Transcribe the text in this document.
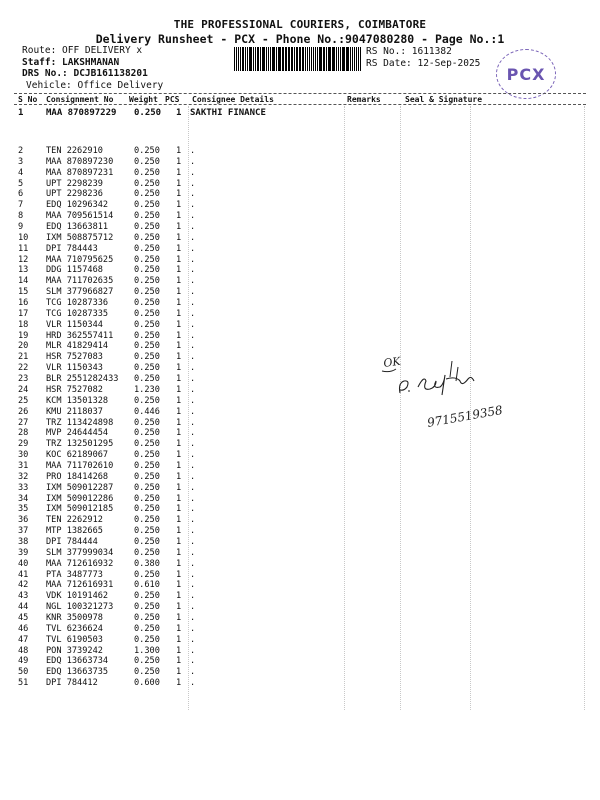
THE PROFESSIONAL COURIERS, COIMBATORE
Delivery Runsheet - PCX - Phone No.:9047080280 - Page No.:1
Route: OFF DELIVERY x
Staff: LAKSHMANAN
DRS No.: DCJB161138201
Vehicle: Office Delivery
RS No.: 1611382
RS Date: 12-Sep-2025
PCX
S No Consignment No Weight PCS Consignee Details	Remarks	Seal & Signature
1	MAA 870897229 0.250 1 SAKTHI FINANCE
2	TEN 2262910	0.250 1 .
3	MAA 870897230 0.250 1 .
4	MAA 870897231 0.250 1 .
5	UPT 2298239	0.250 1 .
6	UPT 2298236	0.250 1 .
7	EDQ 10296342	0.250 1 .
8	MAA 709561514 0.250 1 .
9	EDQ 13663811	0.250 1 .
10 IXM 508875712 0.250 1 .
11 DPI 784443	0.250 1 .
12 MAA 710795625 0.250 1 .
13 DDG 1157468	0.250 1 .
14 MAA 711702635 0.250 1 .
15 SLM 377966827 0.250 1 .
16 TCG 10287336	0.250 1 .
17 TCG 10287335	0.250 1 .
18 VLR 1150344	0.250 1 .
19 HRD 362557411 0.250 1 .
20 MLR 41829414	0.250 1 .
21 HSR 7527083	0.250 1 .
22 VLR 1150343	0.250 1 .
23 BLR 2551282433 0.250 1 .
24 HSR 7527082	1.230 1 .
25 KCM 13501328	0.250 1 .
26 KMU 2118037	0.446 1 .
27 TRZ 113424898 0.250 1 .
28 MVP 24644454	0.250 1 .
29 TRZ 132501295 0.250 1 .
30 KOC 62189067	0.250 1 .
31 MAA 711702610 0.250 1 .
32 PRO 18414268	0.250 1 .
33 IXM 509012287 0.250 1 .
34 IXM 509012286 0.250 1 .
35 IXM 509012185 0.250 1 .
36 TEN 2262912	0.250 1 .
37 MTP 1382665	0.250 1 .
38 DPI 784444	0.250 1 .
39 SLM 377999034 0.250 1 .
40 MAA 712616932 0.380 1 .
41 PTA 3487773	0.250 1 .
42 MAA 712616931 0.610 1 .
43 VDK 10191462	0.250 1 .
44 NGL 100321273 0.250 1 .
45 KNR 3500978	0.250 1 .
46 TVL 6236624	0.250 1 .
47 TVL 6190503	0.250 1 .
48 PON 3739242	1.300 1 .
49 EDQ 13663734	0.250 1 .
50 EDQ 13663735	0.250 1 .
51 DPI 784412	0.600 1 .
OK
9715519358
